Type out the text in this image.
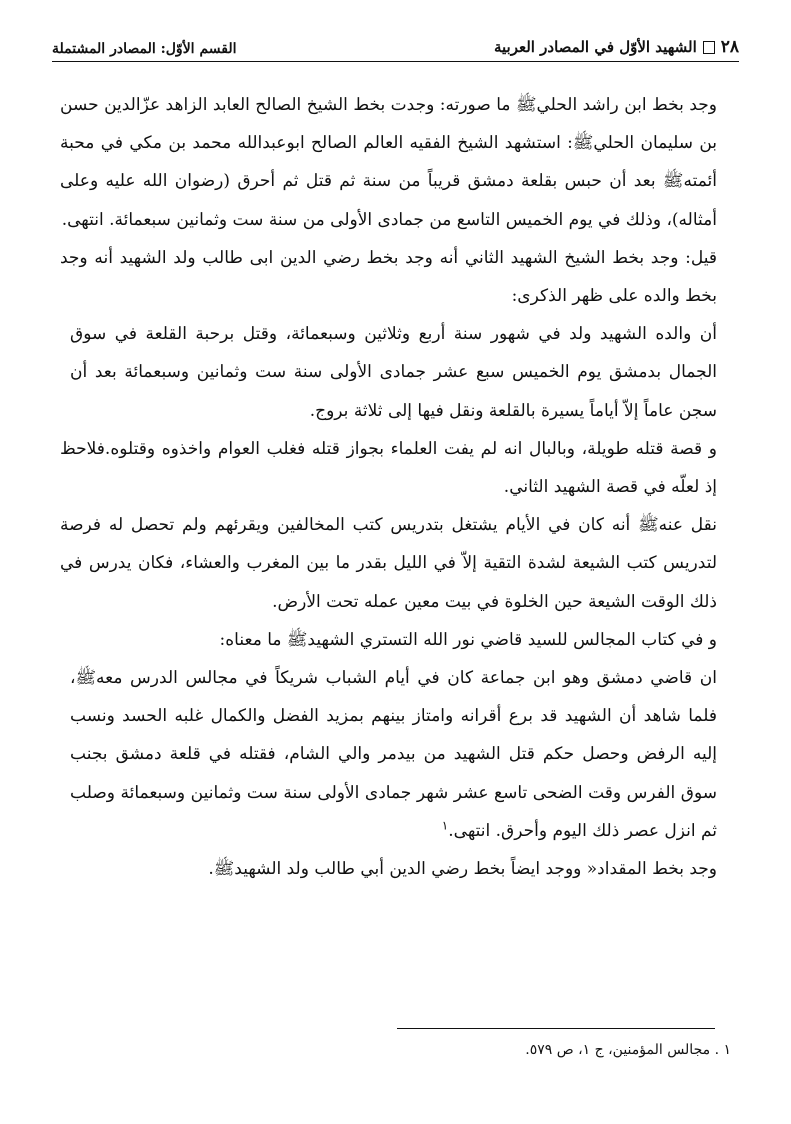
٢٨
الشهيد الأوّل في المصادر العربية
القسم الأوّل: المصادر المشتملة

وجد بخط ابن راشد الحليﷺ ما صورته: وجدت بخط الشيخ الصالح العابد الزاهد عزّالدين حسن بن سليمان الحليﷺ: استشهد الشيخ الفقيه العالم الصالح ابوعبدالله محمد بن مكي في محبة أئمتهﷺ بعد أن حبس بقلعة دمشق قريباً من سنة ثم قتل ثم أحرق (رضوان الله عليه وعلى أمثاله)، وذلك في يوم الخميس التاسع من جمادى الأولى من سنة ست وثمانين سبعمائة. انتهى.

قيل: وجد بخط الشيخ الشهيد الثاني أنه وجد بخط رضي الدين ابى طالب ولد الشهيد أنه وجد بخط والده على ظهر الذكرى:

أن والده الشهيد ولد في شهور سنة أربع وثلاثين وسبعمائة، وقتل برحبة القلعة في سوق الجمال بدمشق يوم الخميس سبع عشر جمادى الأولى سنة ست وثمانين وسبعمائة بعد أن سجن عاماً إلاّ أياماً يسيرة بالقلعة ونقل فيها إلى ثلاثة بروج.

و قصة قتله طويلة، وبالبال انه لم يفت العلماء بجواز قتله فغلب العوام واخذوه وقتلوه.فلاحظ إذ لعلّه في قصة الشهيد الثاني.

نقل عنهﷺ أنه كان في الأيام يشتغل بتدريس كتب المخالفين ويقرئهم ولم تحصل له فرصة لتدريس كتب الشيعة لشدة التقية إلاّ في الليل بقدر ما بين المغرب والعشاء، فكان يدرس في ذلك الوقت الشيعة حين الخلوة في بيت معين عمله تحت الأرض.

و في كتاب المجالس للسيد قاضي نور الله التستري الشهيدﷺ ما معناه:

ان قاضي دمشق وهو ابن جماعة كان في أيام الشباب شريكاً في مجالس الدرس معهﷺ، فلما شاهد أن الشهيد قد برع أقرانه وامتاز بينهم بمزيد الفضل والكمال غلبه الحسد ونسب إليه الرفض وحصل حكم قتل الشهيد من بيدمر والي الشام، فقتله في قلعة دمشق بجنب سوق الفرس وقت الضحى تاسع عشر شهر جمادى الأولى سنة ست وثمانين وسبعمائة وصلب ثم انزل عصر ذلك اليوم وأحرق. انتهى.$^١$

وجد بخط المقداد« ووجد ايضاً بخط رضي الدين أبي طالب ولد الشهيدﷺ.

١ . مجالس المؤمنين، ج ١، ص ٥٧٩.
